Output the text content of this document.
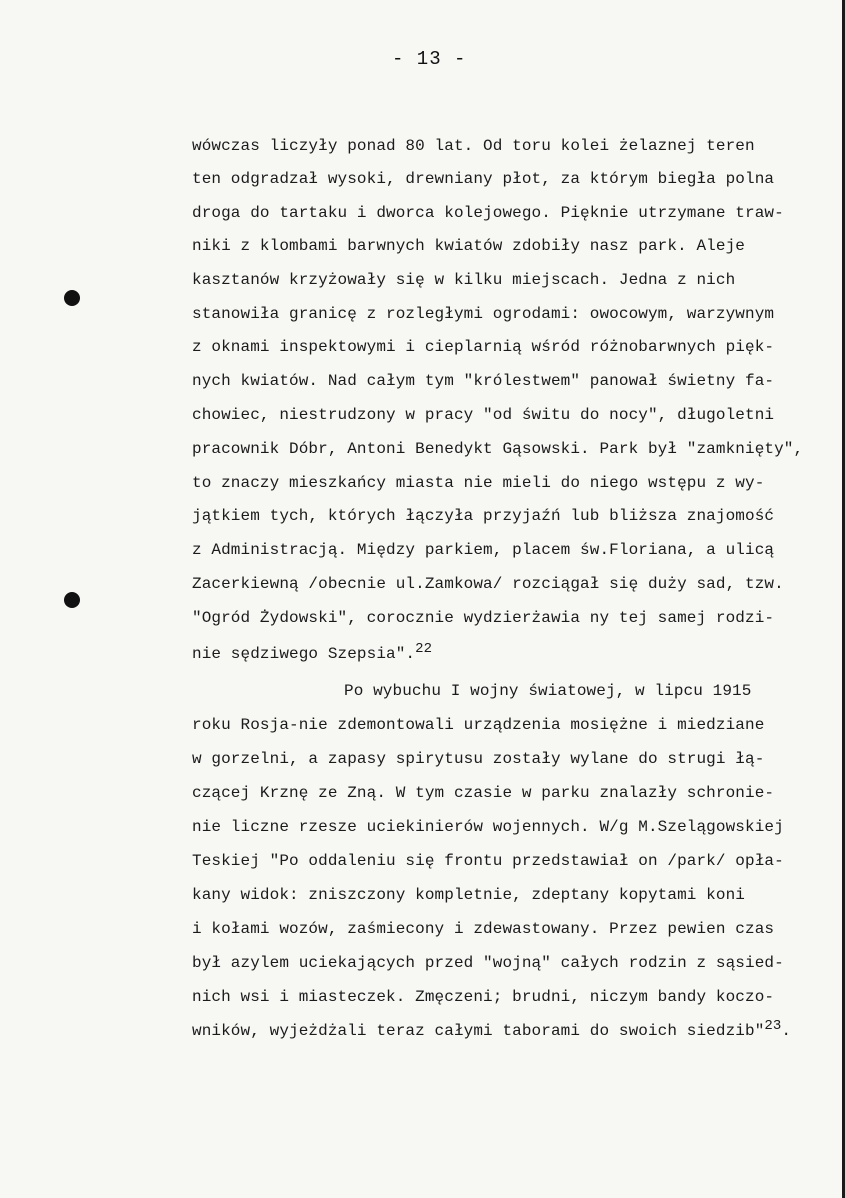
- 13 -
wówczas liczyły ponad 80 lat. Od toru kolei żelaznej teren
ten odgradzał wysoki, drewniany płot, za którym biegła polna
droga do tartaku i dworca kolejowego. Pięknie utrzymane traw-
niki z klombami barwnych kwiatów zdobiły nasz park. Aleje
kasztanów krzyżowały się w kilku miejscach. Jedna z nich
stanowiła granicę z rozległymi ogrodami: owocowym, warzywnym
z oknami inspektowymi i cieplarnią wśród różnobarwnych pięk-
nych kwiatów. Nad całym tym "królestwem" panował świetny fa-
chowiec, niestrudzony w pracy "od świtu do nocy", długoletni
pracownik Dóbr, Antoni Benedykt Gąsowski. Park był "zamknięty",
to znaczy mieszkańcy miasta nie mieli do niego wstępu z wy-
jątkiem tych, których łączyła przyjaźń lub bliższa znajomość
z Administracją. Między parkiem, placem św.Floriana, a ulicą
Zacerkiewną /obecnie ul.Zamkowa/ rozciągał się duży sad, tzw.
"Ogród Żydowski", corocznie wydzierżawia ny tej samej rodzi-
nie sędziwego Szepsia".$^{22}$
Po wybuchu I wojny światowej, w lipcu 1915
roku Rosja-nie zdemontowali urządzenia mosiężne i miedziane
w gorzelni, a zapasy spirytusu zostały wylane do strugi łą-
czącej Krznę ze Zną. W tym czasie w parku znalazły schronie-
nie liczne rzesze uciekinierów wojennych. W/g M.Szelągowskiej
Teskiej "Po oddaleniu się frontu przedstawiał on /park/ opła-
kany widok: zniszczony kompletnie, zdeptany kopytami koni
i kołami wozów, zaśmiecony i zdewastowany. Przez pewien czas
był azylem uciekających przed "wojną" całych rodzin z sąsied-
nich wsi i miasteczek. Zmęczeni; brudni, niczym bandy koczo-
wników, wyjeżdżali teraz całymi taborami do swoich siedzib"$^{23}$.
